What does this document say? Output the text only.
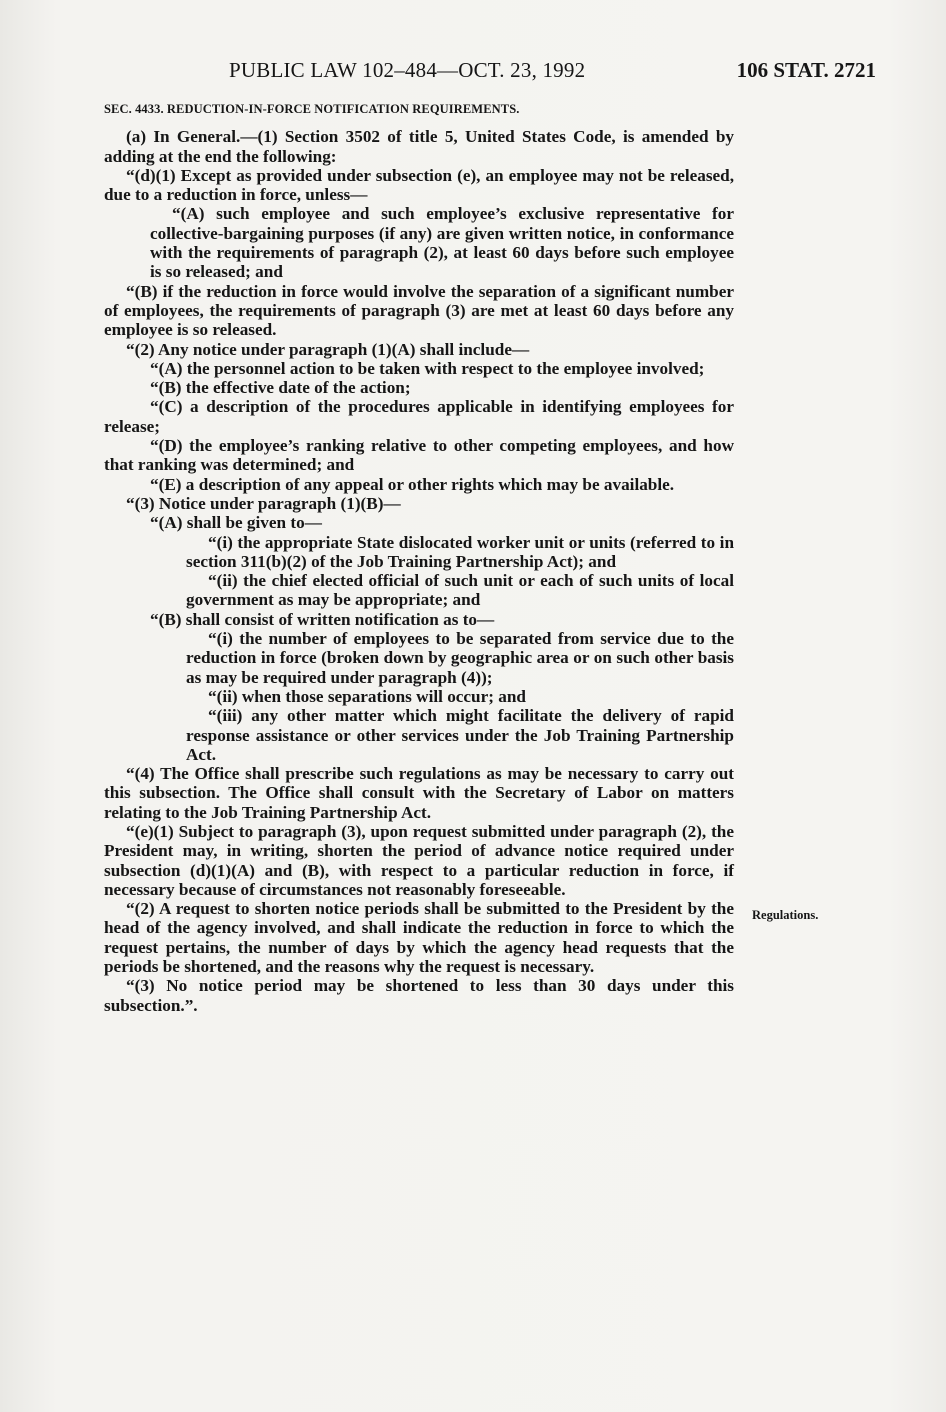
PUBLIC LAW 102–484—OCT. 23, 1992	106 STAT. 2721

SEC. 4433. REDUCTION-IN-FORCE NOTIFICATION REQUIREMENTS.

(a) In General.—(1) Section 3502 of title 5, United States Code, is amended by adding at the end the following:

“(d)(1) Except as provided under subsection (e), an employee may not be released, due to a reduction in force, unless—

“(A) such employee and such employee’s exclusive representative for collective-bargaining purposes (if any) are given written notice, in conformance with the requirements of paragraph (2), at least 60 days before such employee is so released; and

“(B) if the reduction in force would involve the separation of a significant number of employees, the requirements of paragraph (3) are met at least 60 days before any employee is so released.

“(2) Any notice under paragraph (1)(A) shall include—

“(A) the personnel action to be taken with respect to the employee involved;

“(B) the effective date of the action;

“(C) a description of the procedures applicable in identifying employees for release;

“(D) the employee’s ranking relative to other competing employees, and how that ranking was determined; and

“(E) a description of any appeal or other rights which may be available.

“(3) Notice under paragraph (1)(B)—

“(A) shall be given to—

“(i) the appropriate State dislocated worker unit or units (referred to in section 311(b)(2) of the Job Training Partnership Act); and

“(ii) the chief elected official of such unit or each of such units of local government as may be appropriate; and

“(B) shall consist of written notification as to—

“(i) the number of employees to be separated from service due to the reduction in force (broken down by geographic area or on such other basis as may be required under paragraph (4));

“(ii) when those separations will occur; and

“(iii) any other matter which might facilitate the delivery of rapid response assistance or other services under the Job Training Partnership Act.

“(4) The Office shall prescribe such regulations as may be necessary to carry out this subsection. The Office shall consult with the Secretary of Labor on matters relating to the Job Training Partnership Act.

“(e)(1) Subject to paragraph (3), upon request submitted under paragraph (2), the President may, in writing, shorten the period of advance notice required under subsection (d)(1)(A) and (B), with respect to a particular reduction in force, if necessary because of circumstances not reasonably foreseeable.

“(2) A request to shorten notice periods shall be submitted to the President by the head of the agency involved, and shall indicate the reduction in force to which the request pertains, the number of days by which the agency head requests that the periods be shortened, and the reasons why the request is necessary.

“(3) No notice period may be shortened to less than 30 days under this subsection.”.

Regulations.
